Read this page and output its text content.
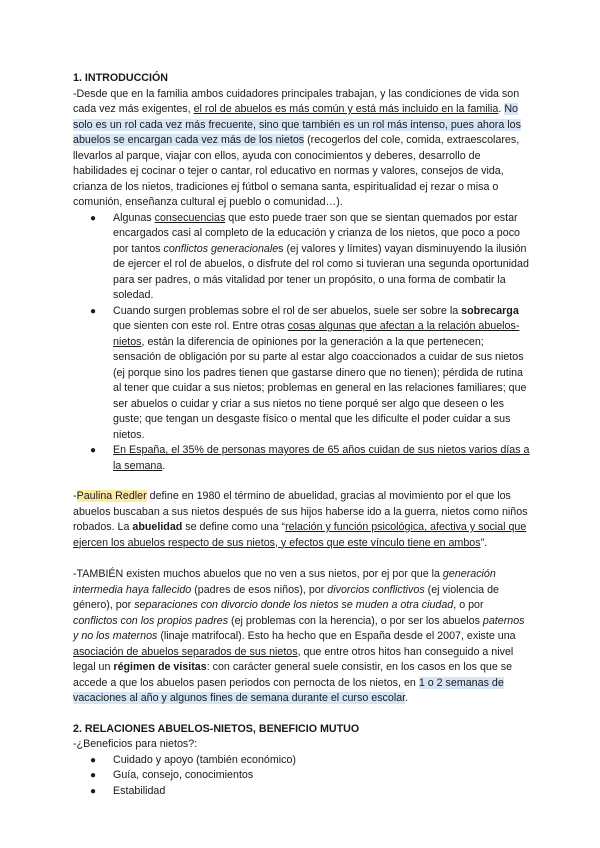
1. INTRODUCCIÓN

-Desde que en la familia ambos cuidadores principales trabajan, y las condiciones de vida son cada vez más exigentes, el rol de abuelos es más común y está más incluido en la familia. No solo es un rol cada vez más frecuente, sino que también es un rol más intenso, pues ahora los abuelos se encargan cada vez más de los nietos (recogerlos del cole, comida, extraescolares, llevarlos al parque, viajar con ellos, ayuda con conocimientos y deberes, desarrollo de habilidades ej cocinar o tejer o cantar, rol educativo en normas y valores, consejos de vida, crianza de los nietos, tradiciones ej fútbol o semana santa, espiritualidad ej rezar o misa o comunión, enseñanza cultural ej pueblo o comunidad…).

● Algunas consecuencias que esto puede traer son que se sientan quemados por estar encargados casi al completo de la educación y crianza de los nietos, que poco a poco por tantos conflictos generacionales (ej valores y límites) vayan disminuyendo la ilusión de ejercer el rol de abuelos, o disfrute del rol como si tuvieran una segunda oportunidad para ser padres, o más vitalidad por tener un propósito, o una forma de combatir la soledad.
● Cuando surgen problemas sobre el rol de ser abuelos, suele ser sobre la sobrecarga que sienten con este rol. Entre otras cosas algunas que afectan a la relación abuelos-nietos, están la diferencia de opiniones por la generación a la que pertenecen; sensación de obligación por su parte al estar algo coaccionados a cuidar de sus nietos (ej porque sino los padres tienen que gastarse dinero que no tienen); pérdida de rutina al tener que cuidar a sus nietos; problemas en general en las relaciones familiares; que ser abuelos o cuidar y criar a sus nietos no tiene porqué ser algo que deseen o les guste; que tengan un desgaste físico o mental que les dificulte el poder cuidar a sus nietos.
● En España, el 35% de personas mayores de 65 años cuidan de sus nietos varios días a la semana.

-Paulina Redler define en 1980 el término de abuelidad, gracias al movimiento por el que los abuelos buscaban a sus nietos después de sus hijos haberse ido a la guerra, nietos como niños robados. La abuelidad se define como una “relación y función psicológica, afectiva y social que ejercen los abuelos respecto de sus nietos, y efectos que este vínculo tiene en ambos”.

-TAMBIÉN existen muchos abuelos que no ven a sus nietos, por ej por que la generación intermedia haya fallecido (padres de esos niños), por divorcios conflictivos (ej violencia de género), por separaciones con divorcio donde los nietos se muden a otra ciudad, o por conflictos con los propios padres (ej problemas con la herencia), o por ser los abuelos paternos y no los maternos (linaje matrifocal). Esto ha hecho que en España desde el 2007, existe una asociación de abuelos separados de sus nietos, que entre otros hitos han conseguido a nivel legal un régimen de visitas: con carácter general suele consistir, en los casos en los que se accede a que los abuelos pasen periodos con pernocta de los nietos, en 1 o 2 semanas de vacaciones al año y algunos fines de semana durante el curso escolar.

2. RELACIONES ABUELOS-NIETOS, BENEFICIO MUTUO

-¿Beneficios para nietos?:

● Cuidado y apoyo (también económico)
● Guía, consejo, conocimientos
● Estabilidad
